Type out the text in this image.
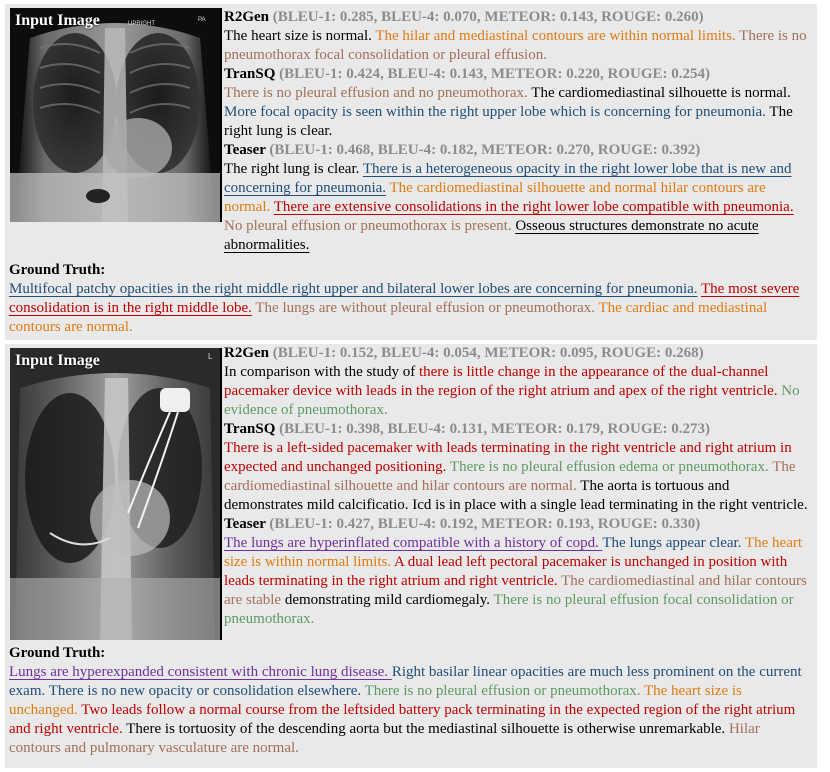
Input Image	UPRIGHT
PA R2Gen (BLEU-1: 0.285, BLEU-4: 0.070, METEOR: 0.143, ROUGE: 0.260)
The heart size is normal. The hilar and mediastinal contours are within normal limits. There is no pneumothorax focal consolidation or pleural effusion.

TranSQ (BLEU-1: 0.424, BLEU-4: 0.143, METEOR: 0.220, ROUGE: 0.254)
There is no pleural effusion and no pneumothorax. The cardiomediastinal silhouette is normal. More focal opacity is seen within the right upper lobe which is concerning for pneumonia. The right lung is clear.

Teaser (BLEU-1: 0.468, BLEU-4: 0.182, METEOR: 0.270, ROUGE: 0.392)
The right lung is clear. There is a heterogeneous opacity in the right lower lobe that is new and concerning for pneumonia. The cardiomediastinal silhouette and normal hilar contours are normal. There are extensive consolidations in the right lower lobe compatible with pneumonia. No pleural effusion or pneumothorax is present. Osseous structures demonstrate no acute abnormalities.

Ground Truth:
Multifocal patchy opacities in the right middle right upper and bilateral lower lobes are concerning for pneumonia. The most severe consolidation is in the right middle lobe. The lungs are without pleural effusion or pneumothorax. The cardiac and mediastinal contours are normal.
Input Image	L R2Gen (BLEU-1: 0.152, BLEU-4: 0.054, METEOR: 0.095, ROUGE: 0.268)
In comparison with the study of there is little change in the appearance of the dual-channel pacemaker device with leads in the region of the right atrium and apex of the right ventricle. No evidence of pneumothorax.

TranSQ (BLEU-1: 0.398, BLEU-4: 0.131, METEOR: 0.179, ROUGE: 0.273)
There is a left-sided pacemaker with leads terminating in the right ventricle and right atrium in expected and unchanged positioning. There is no pleural effusion edema or pneumothorax. The cardiomediastinal silhouette and hilar contours are normal. The aorta is tortuous and demonstrates mild calcificatio. Icd is in place with a single lead terminating in the right ventricle.

Teaser (BLEU-1: 0.427, BLEU-4: 0.192, METEOR: 0.193, ROUGE: 0.330)
The lungs are hyperinflated compatible with a history of copd. The lungs appear clear. The heart size is within normal limits. A dual lead left pectoral pacemaker is unchanged in position with leads terminating in the right atrium and right ventricle. The cardiomediastinal and hilar contours are stable demonstrating mild cardiomegaly. There is no pleural effusion focal consolidation or pneumothorax.

Ground Truth:
Lungs are hyperexpanded consistent with chronic lung disease. Right basilar linear opacities are much less prominent on the current exam. There is no new opacity or consolidation elsewhere. There is no pleural effusion or pneumothorax. The heart size is unchanged. Two leads follow a normal course from the leftsided battery pack terminating in the expected region of the right atrium and right ventricle. There is tortuosity of the descending aorta but the mediastinal silhouette is otherwise unremarkable. Hilar contours and pulmonary vasculature are normal.
